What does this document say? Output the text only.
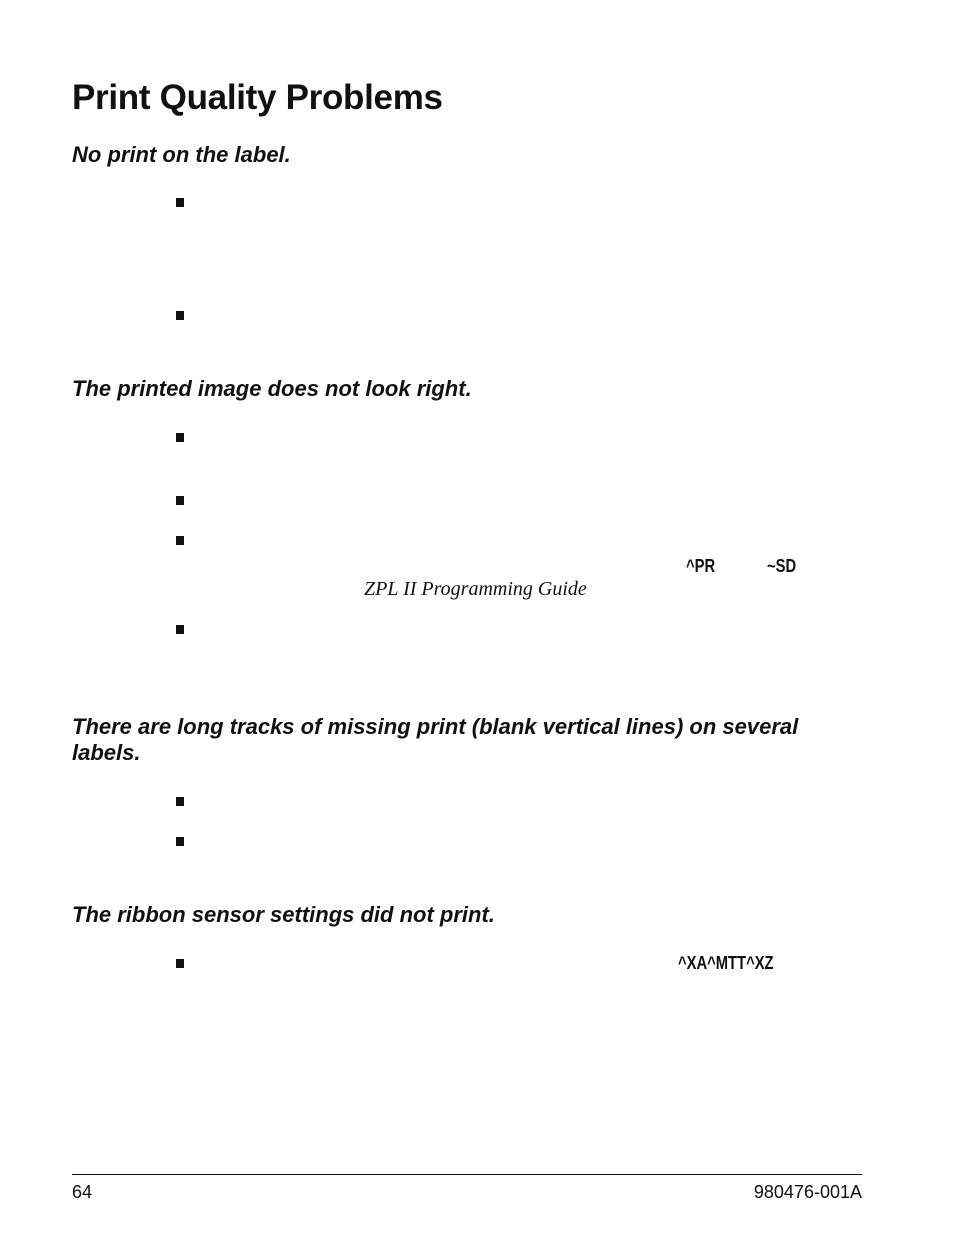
Print Quality Problems

No print on the label.

The printed image does not look right.

^PR	~SD
ZPL II Programming Guide

There are long tracks of missing print (blank vertical lines) on several labels.

The ribbon sensor settings did not print.

^XA^MTT^XZ
64	980476-001A
